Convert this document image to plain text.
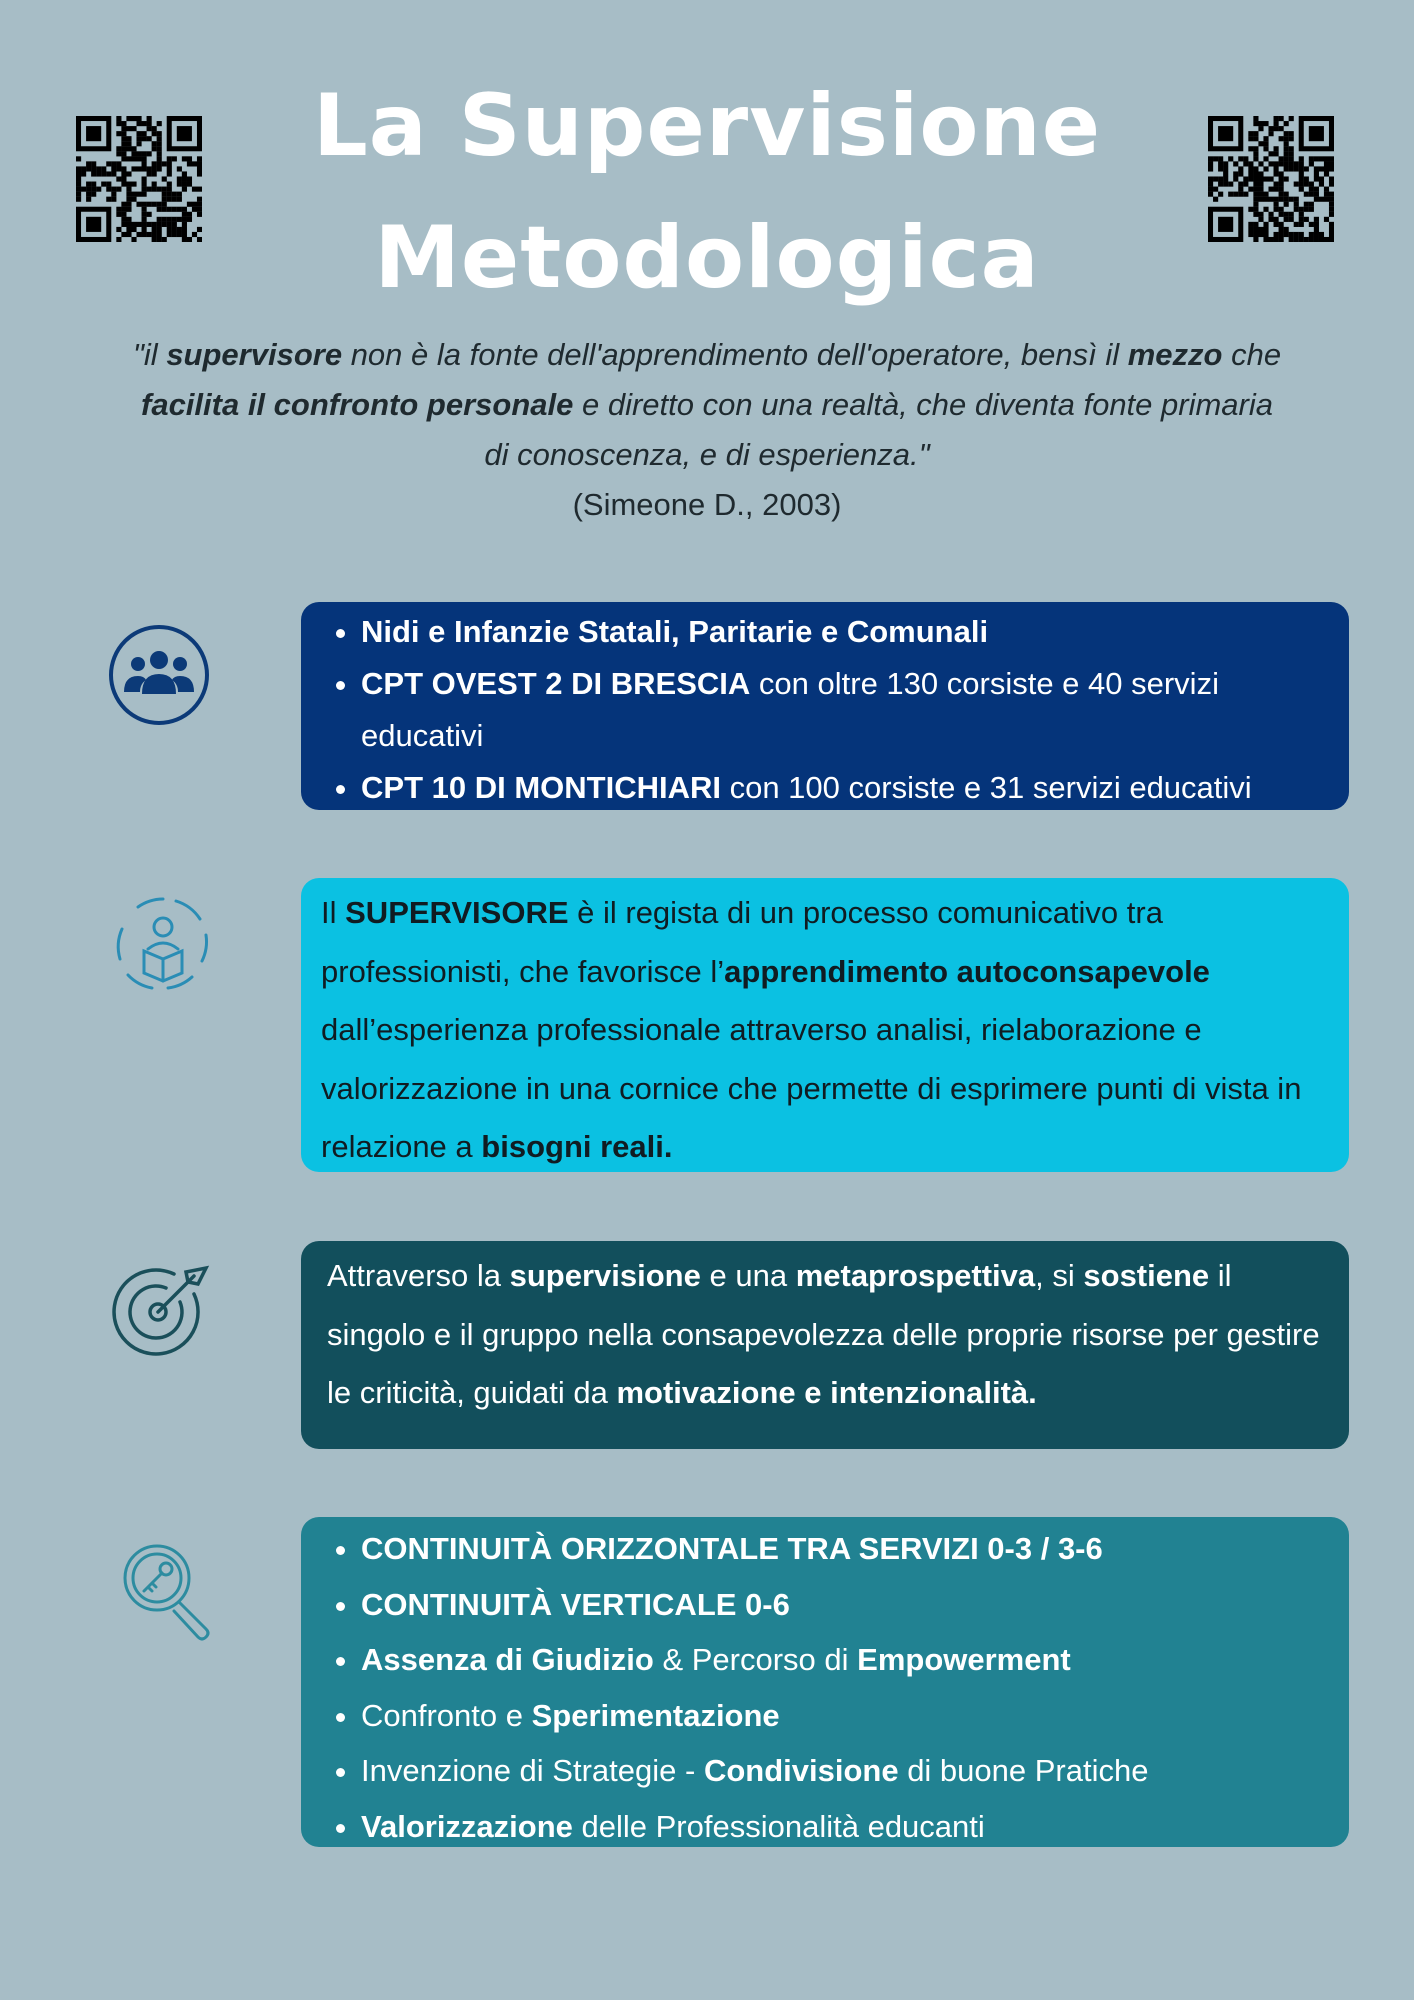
La Supervisione
Metodologica
"il supervisore non è la fonte dell'apprendimento dell'operatore, bensì il mezzo che facilita il confronto personale e diretto con una realtà, che diventa fonte primaria di conoscenza, e di esperienza."
(Simeone D., 2003)
• Nidi e Infanzie Statali, Paritarie e Comunali
• CPT OVEST 2 DI BRESCIA con oltre 130 corsiste e 40 servizi educativi
• CPT 10 DI MONTICHIARI con 100 corsiste e 31 servizi educativi
Il SUPERVISORE è il regista di un processo comunicativo tra professionisti, che favorisce l’apprendimento autoconsapevole dall’esperienza professionale attraverso analisi, rielaborazione e valorizzazione in una cornice che permette di esprimere punti di vista in relazione a bisogni reali.
Attraverso la supervisione e una metaprospettiva, si sostiene il singolo e il gruppo nella consapevolezza delle proprie risorse per gestire le criticità, guidati da motivazione e intenzionalità.
• CONTINUITÀ ORIZZONTALE TRA SERVIZI 0-3 / 3-6
• CONTINUITÀ VERTICALE 0-6
• Assenza di Giudizio & Percorso di Empowerment
• Confronto e Sperimentazione
• Invenzione di Strategie - Condivisione di buone Pratiche
• Valorizzazione delle Professionalità educanti
